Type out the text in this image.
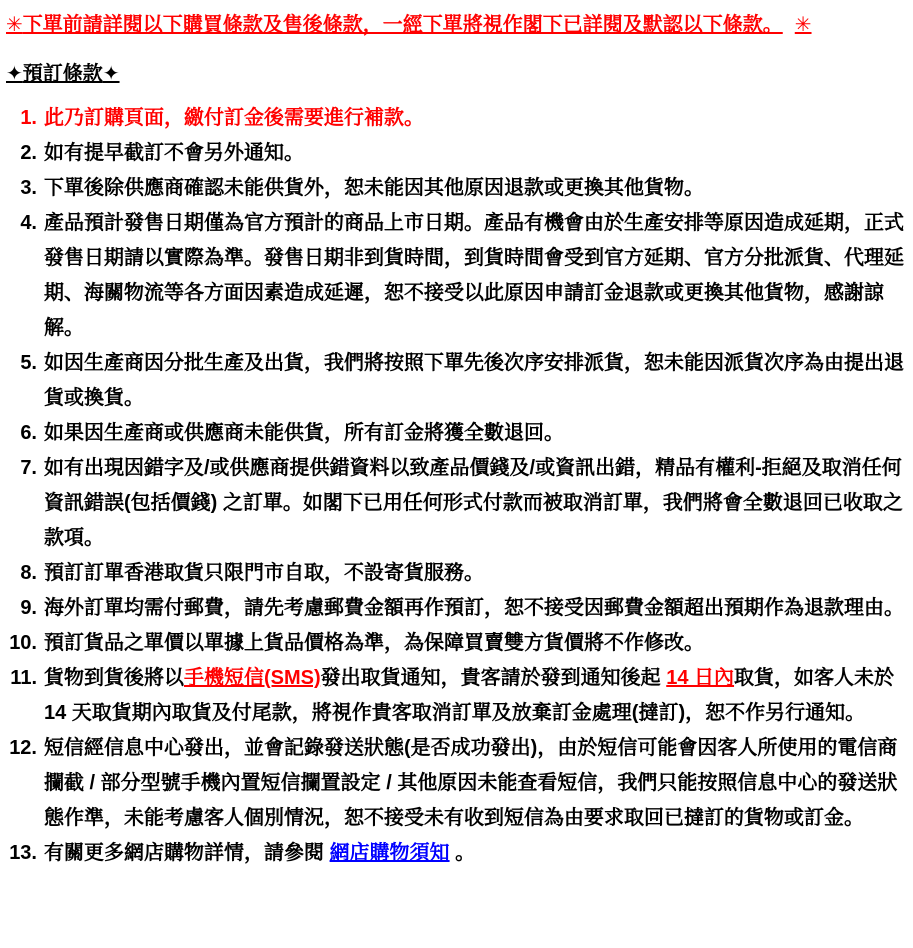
✳下單前請詳閱以下購買條款及售後條款，一經下單將視作閣下已詳閱及默認以下條款。 ✳
✦預訂條款✦
1. 此乃訂購頁面，繳付訂金後需要進行補款。
2. 如有提早截訂不會另外通知。
3. 下單後除供應商確認未能供貨外，恕未能因其他原因退款或更換其他貨物。
4. 產品預計發售日期僅為官方預計的商品上市日期。產品有機會由於生產安排等原因造成延期，正式發售日期請以實際為準。發售日期非到貨時間，到貨時間會受到官方延期、官方分批派貨、代理延期、海關物流等各方面因素造成延遲，恕不接受以此原因申請訂金退款或更換其他貨物，感謝諒解。
5. 如因生產商因分批生產及出貨，我們將按照下單先後次序安排派貨，恕未能因派貨次序為由提出退貨或換貨。
6. 如果因生產商或供應商未能供貨，所有訂金將獲全數退回。
7. 如有出現因錯字及/或供應商提供錯資料以致產品價錢及/或資訊出錯，精品有權利-拒絕及取消任何資訊錯誤(包括價錢) 之訂單。如閣下已用任何形式付款而被取消訂單，我們將會全數退回已收取之款項。
8. 預訂訂單香港取貨只限門市自取，不設寄貨服務。
9. 海外訂單均需付郵費，請先考慮郵費金額再作預訂，恕不接受因郵費金額超出預期作為退款理由。
10. 預訂貨品之單價以單據上貨品價格為準，為保障買賣雙方貨價將不作修改。
11. 貨物到貨後將以手機短信(SMS)發出取貨通知，貴客請於發到通知後起 14 日內取貨，如客人未於 14 天取貨期內取貨及付尾款，將視作貴客取消訂單及放棄訂金處理(撻訂)，恕不作另行通知。
12. 短信經信息中心發出，並會記錄發送狀態(是否成功發出)，由於短信可能會因客人所使用的電信商攔截 / 部分型號手機內置短信攔置設定 / 其他原因未能查看短信，我們只能按照信息中心的發送狀態作準，未能考慮客人個別情況，恕不接受未有收到短信為由要求取回已撻訂的貨物或訂金。
13. 有關更多網店購物詳情，請參閱 網店購物須知 。
